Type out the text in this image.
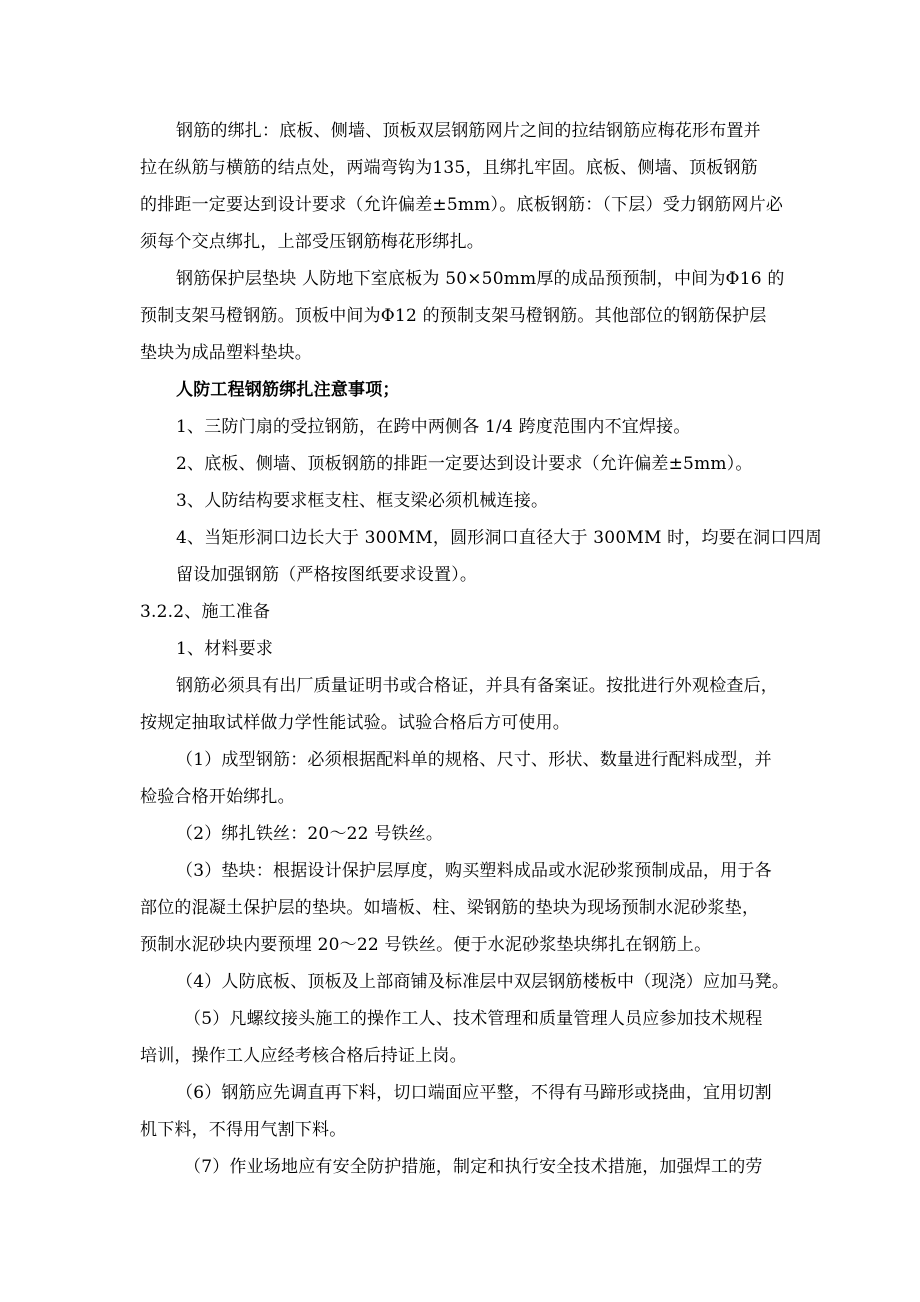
钢筋的绑扎：底板、侧墙、顶板双层钢筋网片之间的拉结钢筋应梅花形布置并
拉在纵筋与横筋的结点处，两端弯钩为135，且绑扎牢固。底板、侧墙、顶板钢筋
的排距一定要达到设计要求（允许偏差±5mm）。底板钢筋：（下层）受力钢筋网片必
须每个交点绑扎，上部受压钢筋梅花形绑扎。
钢筋保护层垫块 人防地下室底板为 50×50mm厚的成品预预制，中间为Φ16 的
预制支架马橙钢筋。顶板中间为Φ12 的预制支架马橙钢筋。其他部位的钢筋保护层
垫块为成品塑料垫块。
人防工程钢筋绑扎注意事项；
1、三防门扇的受拉钢筋，在跨中两侧各 1/4 跨度范围内不宜焊接。
2、底板、侧墙、顶板钢筋的排距一定要达到设计要求（允许偏差±5mm）。
3、人防结构要求框支柱、框支梁必须机械连接。
4、当矩形洞口边长大于 300MM，圆形洞口直径大于 300MM 时，均要在洞口四周
留设加强钢筋（严格按图纸要求设置）。
3.2.2、施工准备
1、材料要求
钢筋必须具有出厂质量证明书或合格证，并具有备案证。按批进行外观检查后，
按规定抽取试样做力学性能试验。试验合格后方可使用。
（1）成型钢筋：必须根据配料单的规格、尺寸、形状、数量进行配料成型，并
检验合格开始绑扎。
（2）绑扎铁丝：20～22 号铁丝。
（3）垫块：根据设计保护层厚度，购买塑料成品或水泥砂浆预制成品，用于各
部位的混凝土保护层的垫块。如墙板、柱、梁钢筋的垫块为现场预制水泥砂浆垫，
预制水泥砂块内要预埋 20～22 号铁丝。便于水泥砂浆垫块绑扎在钢筋上。
（4）人防底板、顶板及上部商铺及标准层中双层钢筋楼板中（现浇）应加马凳。
（5）凡螺纹接头施工的操作工人、技术管理和质量管理人员应参加技术规程
培训，操作工人应经考核合格后持证上岗。
（6）钢筋应先调直再下料，切口端面应平整，不得有马蹄形或挠曲，宜用切割
机下料，不得用气割下料。
（7）作业场地应有安全防护措施，制定和执行安全技术措施，加强焊工的劳
